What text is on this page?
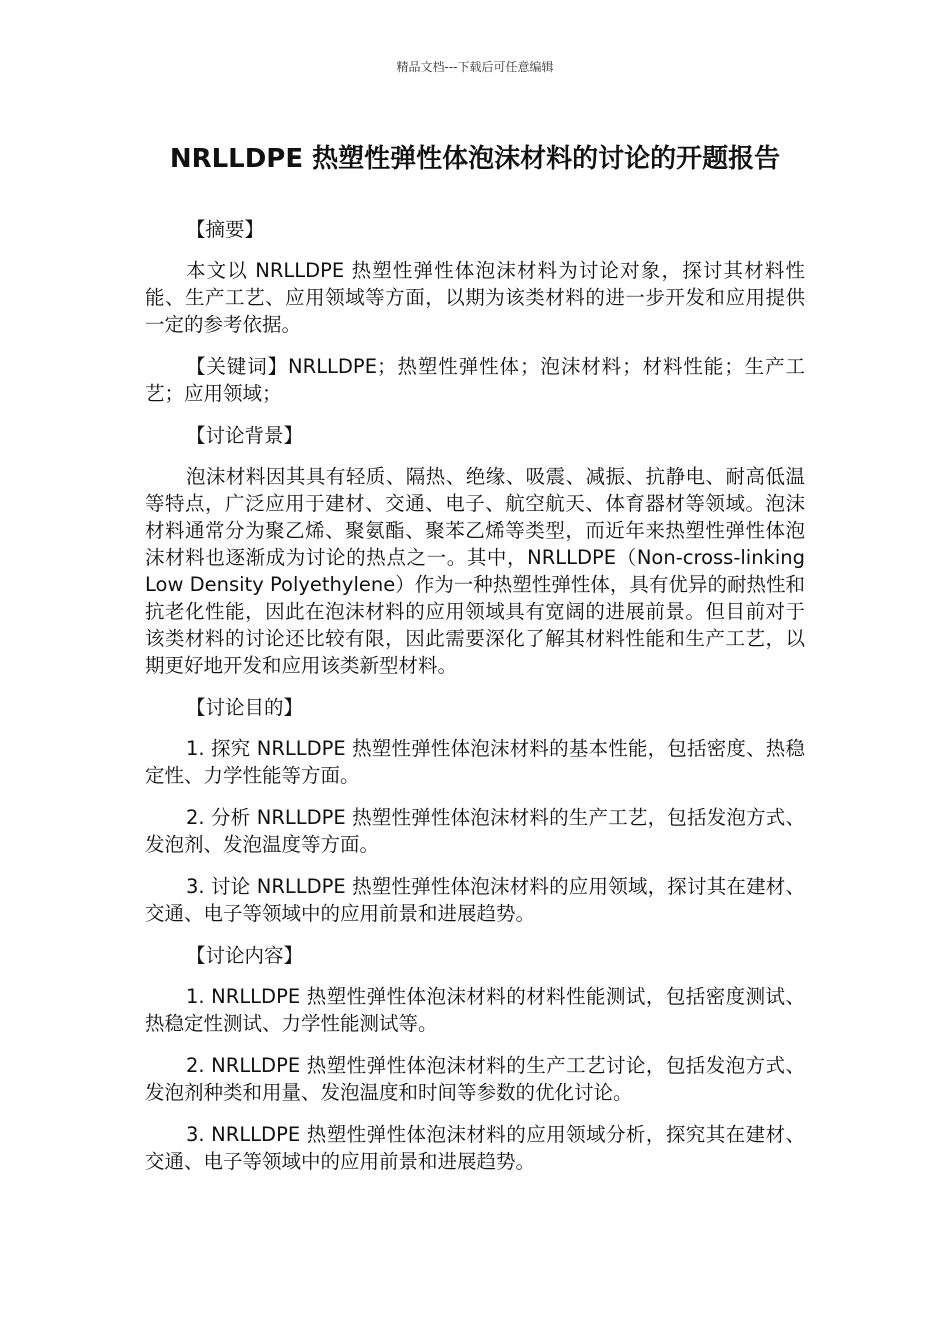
精品文档---下载后可任意编辑
NRLLDPE 热塑性弹性体泡沫材料的讨论的开题报告

【摘要】

本文以 NRLLDPE 热塑性弹性体泡沫材料为讨论对象，探讨其材料性能、生产工艺、应用领域等方面，以期为该类材料的进一步开发和应用提供一定的参考依据。

【关键词】NRLLDPE；热塑性弹性体；泡沫材料；材料性能；生产工艺；应用领域；

【讨论背景】

泡沫材料因其具有轻质、隔热、绝缘、吸震、减振、抗静电、耐高低温等特点，广泛应用于建材、交通、电子、航空航天、体育器材等领域。泡沫材料通常分为聚乙烯、聚氨酯、聚苯乙烯等类型，而近年来热塑性弹性体泡沫材料也逐渐成为讨论的热点之一。其中，NRLLDPE（Non-cross-linking Low Density Polyethylene）作为一种热塑性弹性体，具有优异的耐热性和抗老化性能，因此在泡沫材料的应用领域具有宽阔的进展前景。但目前对于该类材料的讨论还比较有限，因此需要深化了解其材料性能和生产工艺，以期更好地开发和应用该类新型材料。

【讨论目的】

1. 探究 NRLLDPE 热塑性弹性体泡沫材料的基本性能，包括密度、热稳定性、力学性能等方面。

2. 分析 NRLLDPE 热塑性弹性体泡沫材料的生产工艺，包括发泡方式、发泡剂、发泡温度等方面。

3. 讨论 NRLLDPE 热塑性弹性体泡沫材料的应用领域，探讨其在建材、交通、电子等领域中的应用前景和进展趋势。

【讨论内容】

1. NRLLDPE 热塑性弹性体泡沫材料的材料性能测试，包括密度测试、热稳定性测试、力学性能测试等。

2. NRLLDPE 热塑性弹性体泡沫材料的生产工艺讨论，包括发泡方式、发泡剂种类和用量、发泡温度和时间等参数的优化讨论。

3. NRLLDPE 热塑性弹性体泡沫材料的应用领域分析，探究其在建材、交通、电子等领域中的应用前景和进展趋势。
